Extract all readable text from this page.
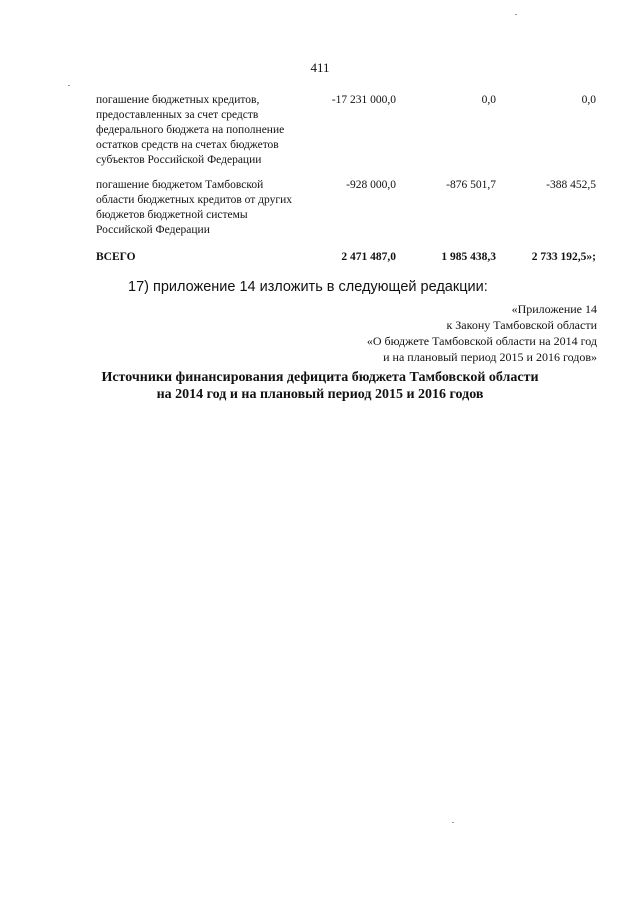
411
погашение бюджетных кредитов, предоставленных за счет средств федерального бюджета на пополнение остатков средств на счетах бюджетов субъектов Российской Федерации
-17 231 000,0	0,0	0,0
погашение бюджетом Тамбовской области бюджетных кредитов от других бюджетов бюджетной системы Российской Федерации
-928 000,0	-876 501,7	-388 452,5
ВСЕГО	2 471 487,0	1 985 438,3	2 733 192,5»;
17) приложение 14 изложить в следующей редакции:
«Приложение 14
к Закону Тамбовской области
«О бюджете Тамбовской области на 2014 год
и на плановый период 2015 и 2016 годов»
Источники финансирования дефицита бюджета Тамбовской области
на 2014 год и на плановый период 2015 и 2016 годов
